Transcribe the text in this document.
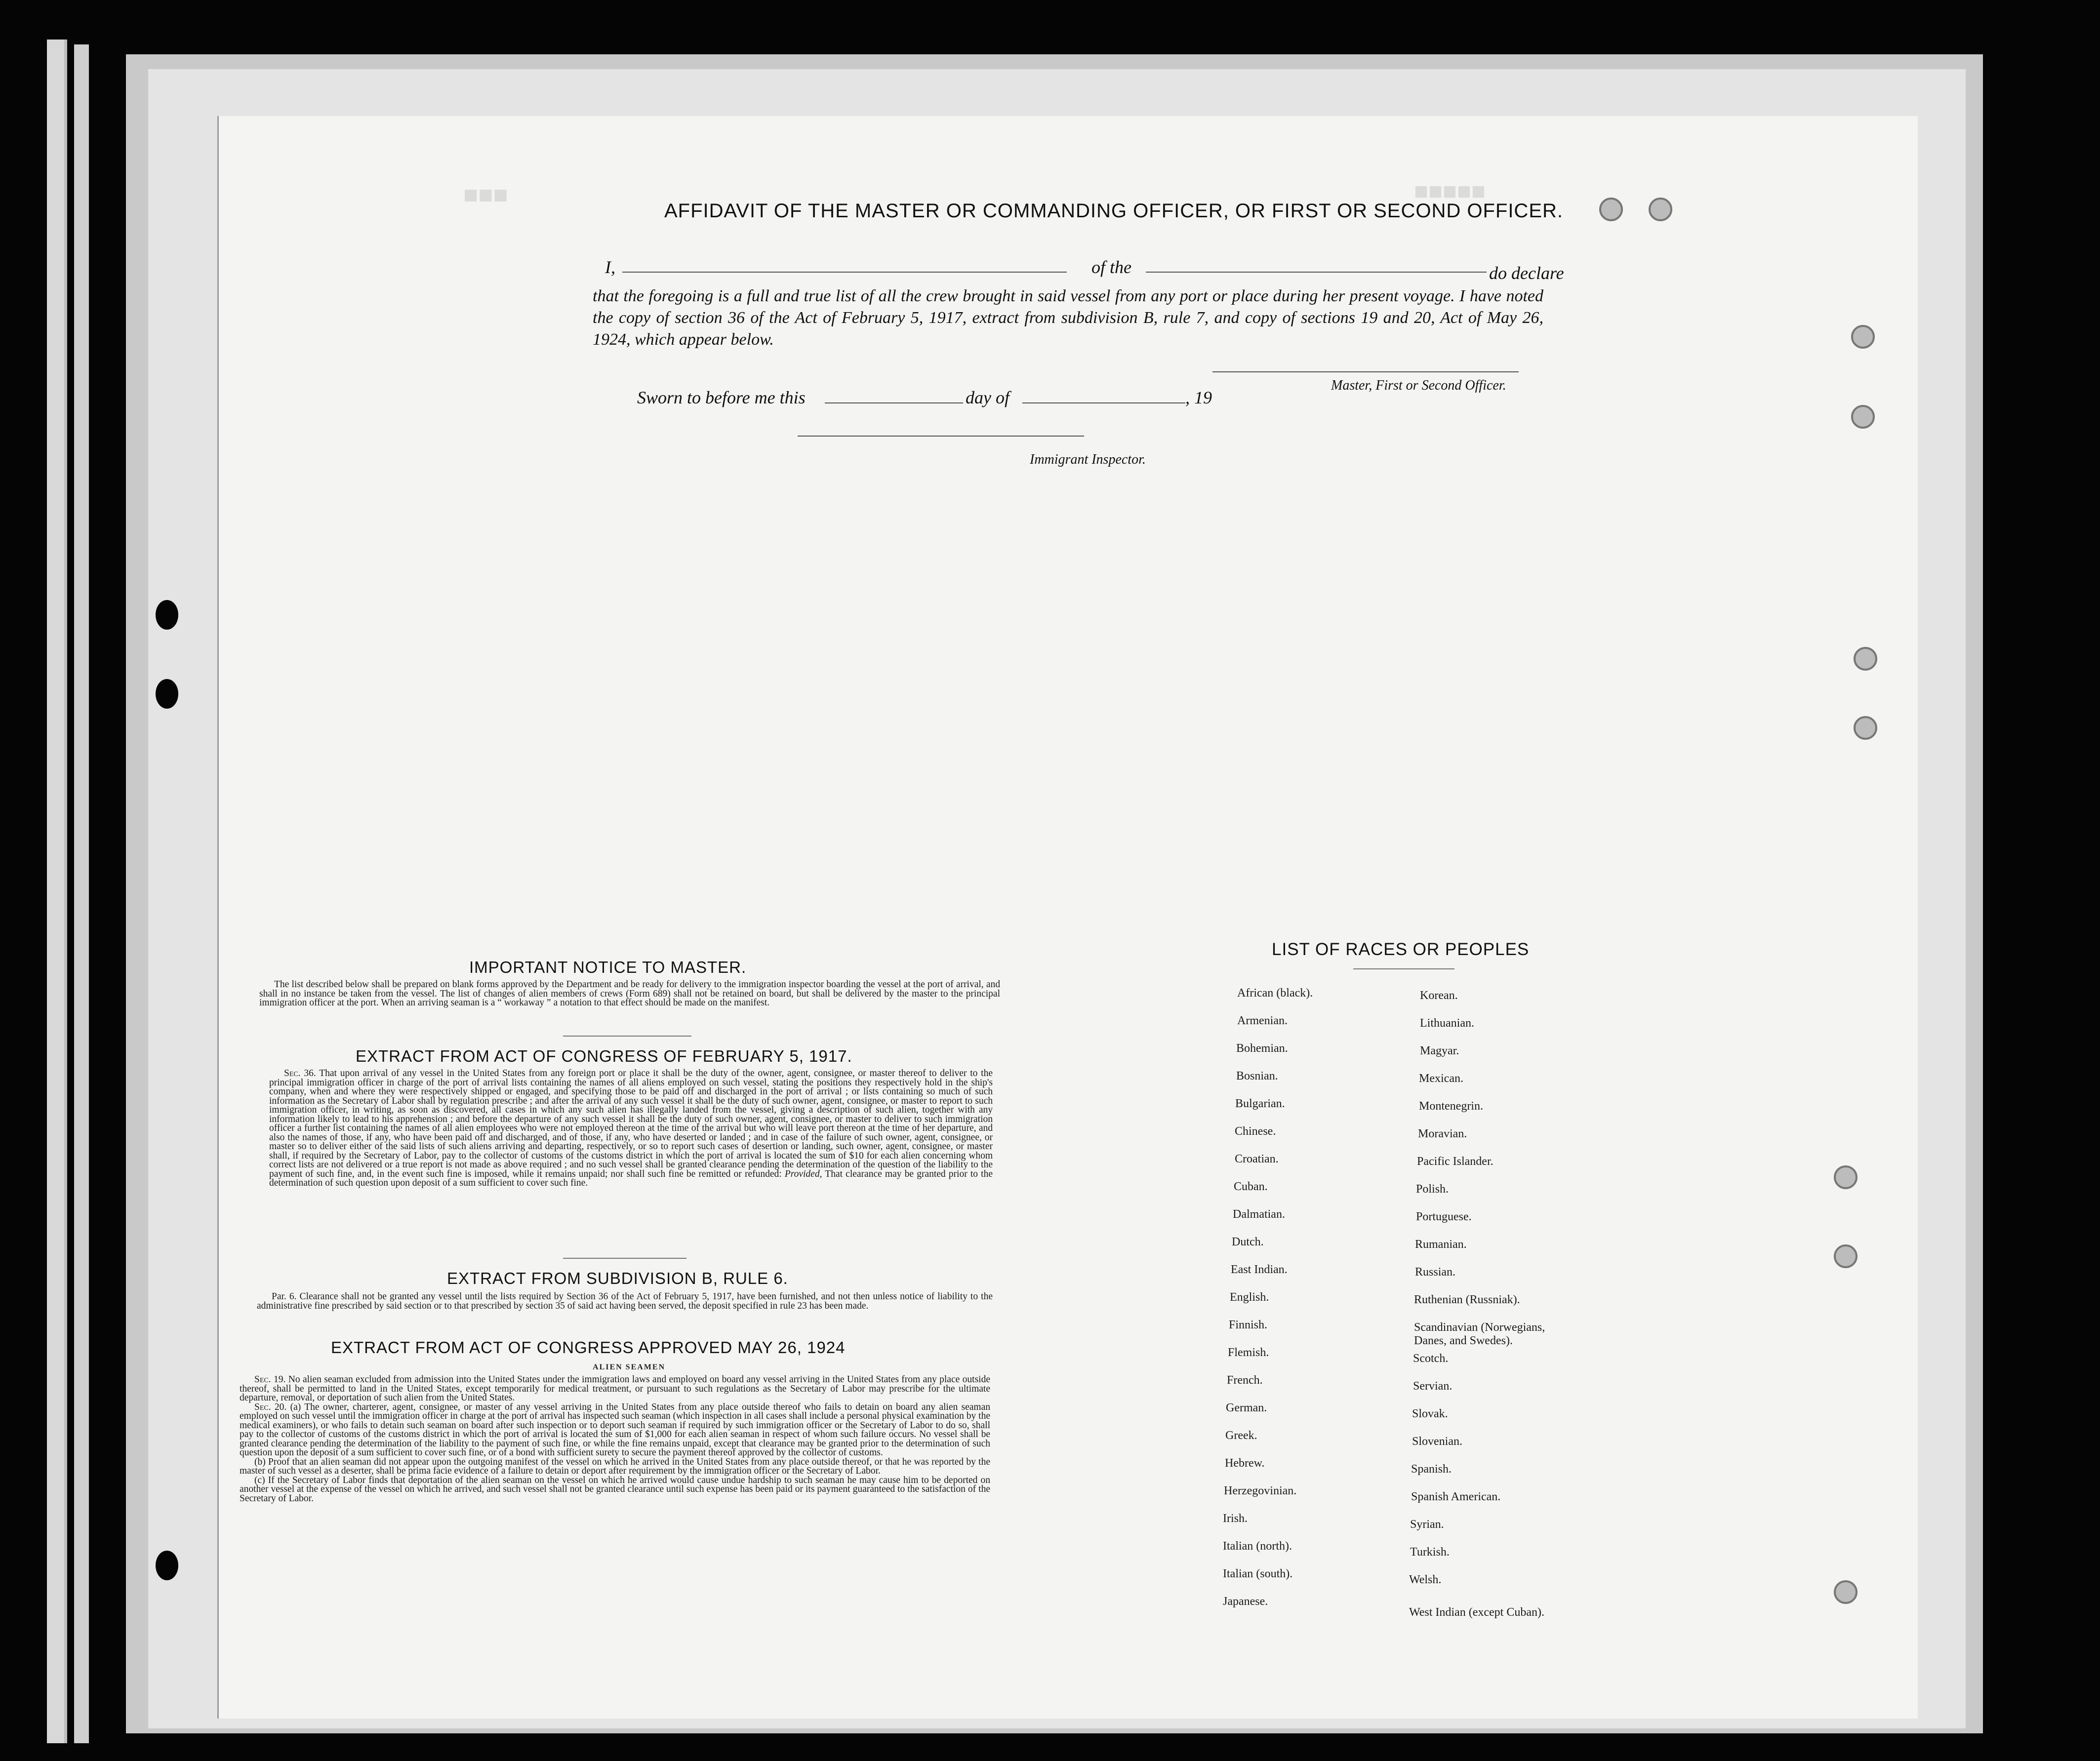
■■■	■■■■■
AFFIDAVIT OF THE MASTER OR COMMANDING OFFICER, OR FIRST OR SECOND OFFICER.
I,	of the	do declare
that the foregoing is a full and true list of all the crew brought in said vessel from any port or place during her present voyage. I have noted the copy of section 36 of the Act of February 5, 1917, extract from subdivision B, rule 7, and copy of sections 19 and 20, Act of May 26, 1924, which appear below.
Master, First or Second Officer.
Sworn to before me this	day of	, 19
Immigrant Inspector.
IMPORTANT NOTICE TO MASTER.

The list described below shall be prepared on blank forms approved by the Department and be ready for delivery to the immigration inspector boarding the vessel at the port of arrival, and shall in no instance be taken from the vessel. The list of changes of alien members of crews (Form 689) shall not be retained on board, but shall be delivered by the master to the principal immigration officer at the port. When an arriving seaman is a “ workaway ” a notation to that effect should be made on the manifest.

EXTRACT FROM ACT OF CONGRESS OF FEBRUARY 5, 1917.

Sec. 36. That upon arrival of any vessel in the United States from any foreign port or place it shall be the duty of the owner, agent, consignee, or master thereof to deliver to the principal immigration officer in charge of the port of arrival lists containing the names of all aliens employed on such vessel, stating the positions they respectively hold in the ship's company, when and where they were respectively shipped or engaged, and specifying those to be paid off and discharged in the port of arrival ; or lists containing so much of such information as the Secretary of Labor shall by regulation prescribe ; and after the arrival of any such vessel it shall be the duty of such owner, agent, consignee, or master to report to such immigration officer, in writing, as soon as discovered, all cases in which any such alien has illegally landed from the vessel, giving a description of such alien, together with any information likely to lead to his apprehension ; and before the departure of any such vessel it shall be the duty of such owner, agent, consignee, or master to deliver to such immigration officer a further list containing the names of all alien employees who were not employed thereon at the time of the arrival but who will leave port thereon at the time of her departure, and also the names of those, if any, who have been paid off and discharged, and of those, if any, who have deserted or landed ; and in case of the failure of such owner, agent, consignee, or master so to deliver either of the said lists of such aliens arriving and departing, respectively, or so to report such cases of desertion or landing, such owner, agent, consignee, or master shall, if required by the Secretary of Labor, pay to the collector of customs of the customs district in which the port of arrival is located the sum of $10 for each alien concerning whom correct lists are not delivered or a true report is not made as above required ; and no such vessel shall be granted clearance pending the determination of the question of the liability to the payment of such fine, and, in the event such fine is imposed, while it remains unpaid; nor shall such fine be remitted or refunded: Provided, That clearance may be granted prior to the determination of such question upon deposit of a sum sufficient to cover such fine.

EXTRACT FROM SUBDIVISION B, RULE 6.

Par. 6. Clearance shall not be granted any vessel until the lists required by Section 36 of the Act of February 5, 1917, have been furnished, and not then unless notice of liability to the administrative fine prescribed by said section or to that prescribed by section 35 of said act having been served, the deposit specified in rule 23 has been made.

EXTRACT FROM ACT OF CONGRESS APPROVED MAY 26, 1924
ALIEN SEAMEN

Sec. 19. No alien seaman excluded from admission into the United States under the immigration laws and employed on board any vessel arriving in the United States from any place outside thereof, shall be permitted to land in the United States, except temporarily for medical treatment, or pursuant to such regulations as the Secretary of Labor may prescribe for the ultimate departure, removal, or deportation of such alien from the United States.

Sec. 20. (a) The owner, charterer, agent, consignee, or master of any vessel arriving in the United States from any place outside thereof who fails to detain on board any alien seaman employed on such vessel until the immigration officer in charge at the port of arrival has inspected such seaman (which inspection in all cases shall include a personal physical examination by the medical examiners), or who fails to detain such seaman on board after such inspection or to deport such seaman if required by such immigration officer or the Secretary of Labor to do so, shall pay to the collector of customs of the customs district in which the port of arrival is located the sum of $1,000 for each alien seaman in respect of whom such failure occurs. No vessel shall be granted clearance pending the determination of the liability to the payment of such fine, or while the fine remains unpaid, except that clearance may be granted prior to the determination of such question upon the deposit of a sum sufficient to cover such fine, or of a bond with sufficient surety to secure the payment thereof approved by the collector of customs.

(b) Proof that an alien seaman did not appear upon the outgoing manifest of the vessel on which he arrived in the United States from any place outside thereof, or that he was reported by the master of such vessel as a deserter, shall be prima facie evidence of a failure to detain or deport after requirement by the immigration officer or the Secretary of Labor.

(c) If the Secretary of Labor finds that deportation of the alien seaman on the vessel on which he arrived would cause undue hardship to such seaman he may cause him to be deported on another vessel at the expense of the vessel on which he arrived, and such vessel shall not be granted clearance until such expense has been paid or its payment guaranteed to the satisfaction of the Secretary of Labor.

LIST OF RACES OR PEOPLES
African (black).
Armenian.
Bohemian.
Bosnian.
Bulgarian.
Chinese.
Croatian.
Cuban.
Dalmatian.
Dutch.
East Indian.
English.
Finnish.
Flemish.
French.
German.
Greek.
Hebrew.
Herzegovinian.
Irish.
Italian (north).
Italian (south).
Japanese.
Korean.
Lithuanian.
Magyar.
Mexican.
Montenegrin.
Moravian.
Pacific Islander.
Polish.
Portuguese.
Rumanian.
Russian.
Ruthenian (Russniak).
Scandinavian (Norwegians, Danes, and Swedes).
Scotch.
Servian.
Slovak.
Slovenian.
Spanish.
Spanish American.
Syrian.
Turkish.
Welsh.
West Indian (except Cuban).
